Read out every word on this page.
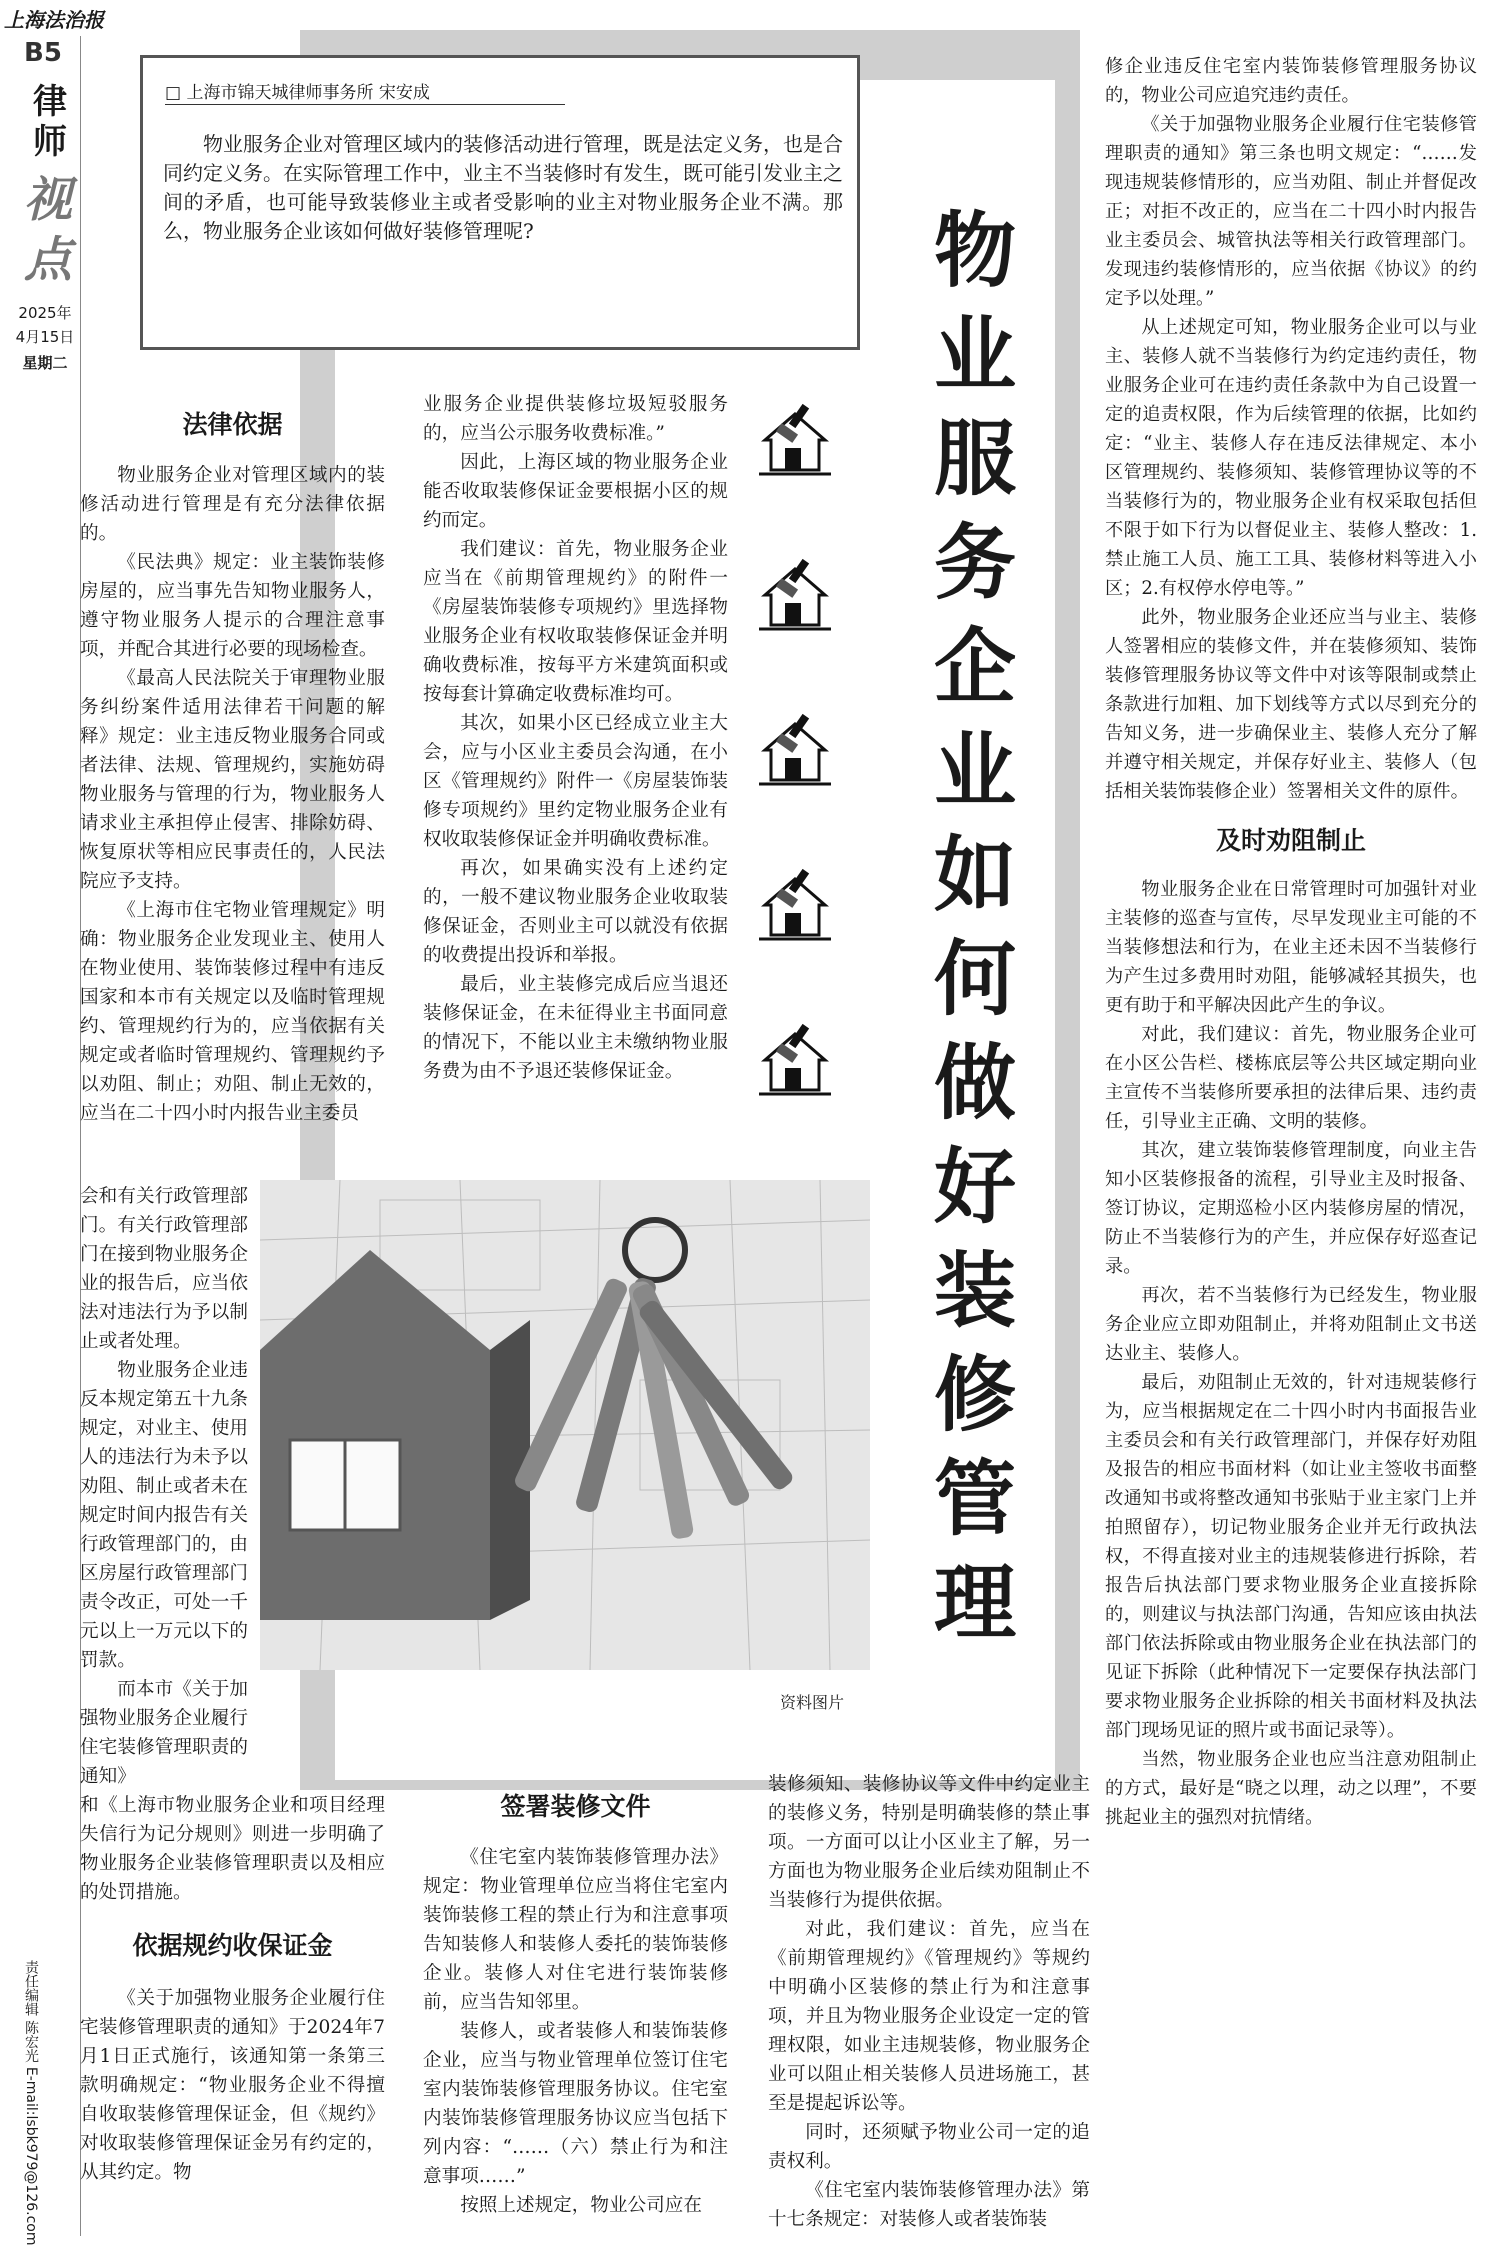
上海法治报
B5
律师
视点
2025年
4月15日
星期二
责任编辑 陈宏光 E-mail:lsbk979@126.com
□ 上海市锦天城律师事务所 宋安成

物业服务企业对管理区域内的装修活动进行管理，既是法定义务，也是合同约定义务。在实际管理工作中，业主不当装修时有发生，既可能引发业主之间的矛盾，也可能导致装修业主或者受影响的业主对物业服务企业不满。那么，物业服务企业该如何做好装修管理呢?	物业服务企业如何做好装修管理
法律依据

物业服务企业对管理区域内的装修活动进行管理是有充分法律依据的。

《民法典》规定：业主装饰装修房屋的，应当事先告知物业服务人，遵守物业服务人提示的合理注意事项，并配合其进行必要的现场检查。

《最高人民法院关于审理物业服务纠纷案件适用法律若干问题的解释》规定：业主违反物业服务合同或者法律、法规、管理规约，实施妨碍物业服务与管理的行为，物业服务人请求业主承担停止侵害、排除妨碍、恢复原状等相应民事责任的，人民法院应予支持。

《上海市住宅物业管理规定》明确：物业服务企业发现业主、使用人在物业使用、装饰装修过程中有违反国家和本市有关规定以及临时管理规约、管理规约行为的，应当依据有关规定或者临时管理规约、管理规约予以劝阻、制止；劝阻、制止无效的，应当在二十四小时内报告业主委员

会和有关行政管理部门。有关行政管理部门在接到物业服务企业的报告后，应当依法对违法行为予以制止或者处理。

物业服务企业违反本规定第五十九条规定，对业主、使用人的违法行为未予以劝阻、制止或者未在规定时间内报告有关行政管理部门的，由区房屋行政管理部门责令改正，可处一千元以上一万元以下的罚款。

而本市《关于加强物业服务企业履行住宅装修管理职责的通知》

和《上海市物业服务企业和项目经理失信行为记分规则》则进一步明确了物业服务企业装修管理职责以及相应的处罚措施。

依据规约收保证金

《关于加强物业服务企业履行住宅装修管理职责的通知》于2024年7月1日正式施行，该通知第一条第三款明确规定：“物业服务企业不得擅自收取装修管理保证金，但《规约》对收取装修管理保证金另有约定的，从其约定。物

业服务企业提供装修垃圾短驳服务的，应当公示服务收费标准。”

因此，上海区域的物业服务企业能否收取装修保证金要根据小区的规约而定。

我们建议：首先，物业服务企业应当在《前期管理规约》的附件一《房屋装饰装修专项规约》里选择物业服务企业有权收取装修保证金并明确收费标准，按每平方米建筑面积或按每套计算确定收费标准均可。

其次，如果小区已经成立业主大会，应与小区业主委员会沟通，在小区《管理规约》附件一《房屋装饰装修专项规约》里约定物业服务企业有权收取装修保证金并明确收费标准。

再次，如果确实没有上述约定的，一般不建议物业服务企业收取装修保证金，否则业主可以就没有依据的收费提出投诉和举报。

最后，业主装修完成后应当退还装修保证金，在未征得业主书面同意的情况下，不能以业主未缴纳物业服务费为由不予退还装修保证金。

签署装修文件

《住宅室内装饰装修管理办法》规定：物业管理单位应当将住宅室内装饰装修工程的禁止行为和注意事项告知装修人和装修人委托的装饰装修企业。装修人对住宅进行装饰装修前，应当告知邻里。

装修人，或者装修人和装饰装修企业，应当与物业管理单位签订住宅室内装饰装修管理服务协议。住宅室内装饰装修管理服务协议应当包括下列内容：“……（六）禁止行为和注意事项……”

按照上述规定，物业公司应在

资料图片

装修须知、装修协议等文件中约定业主的装修义务，特别是明确装修的禁止事项。一方面可以让小区业主了解，另一方面也为物业服务企业后续劝阻制止不当装修行为提供依据。

对此，我们建议：首先，应当在《前期管理规约》《管理规约》等规约中明确小区装修的禁止行为和注意事项，并且为物业服务企业设定一定的管理权限，如业主违规装修，物业服务企业可以阻止相关装修人员进场施工，甚至是提起诉讼等。

同时，还须赋予物业公司一定的追责权利。

《住宅室内装饰装修管理办法》第十七条规定：对装修人或者装饰装

修企业违反住宅室内装饰装修管理服务协议的，物业公司应追究违约责任。

《关于加强物业服务企业履行住宅装修管理职责的通知》第三条也明文规定：“……发现违规装修情形的，应当劝阻、制止并督促改正；对拒不改正的，应当在二十四小时内报告业主委员会、城管执法等相关行政管理部门。发现违约装修情形的，应当依据《协议》的约定予以处理。”

从上述规定可知，物业服务企业可以与业主、装修人就不当装修行为约定违约责任，物业服务企业可在违约责任条款中为自己设置一定的追责权限，作为后续管理的依据，比如约定：“业主、装修人存在违反法律规定、本小区管理规约、装修须知、装修管理协议等的不当装修行为的，物业服务企业有权采取包括但不限于如下行为以督促业主、装修人整改：1.禁止施工人员、施工工具、装修材料等进入小区；2.有权停水停电等。”

此外，物业服务企业还应当与业主、装修人签署相应的装修文件，并在装修须知、装饰装修管理服务协议等文件中对该等限制或禁止条款进行加粗、加下划线等方式以尽到充分的告知义务，进一步确保业主、装修人充分了解并遵守相关规定，并保存好业主、装修人（包括相关装饰装修企业）签署相关文件的原件。

及时劝阻制止

物业服务企业在日常管理时可加强针对业主装修的巡查与宣传，尽早发现业主可能的不当装修想法和行为，在业主还未因不当装修行为产生过多费用时劝阻，能够减轻其损失，也更有助于和平解决因此产生的争议。

对此，我们建议：首先，物业服务企业可在小区公告栏、楼栋底层等公共区域定期向业主宣传不当装修所要承担的法律后果、违约责任，引导业主正确、文明的装修。

其次，建立装饰装修管理制度，向业主告知小区装修报备的流程，引导业主及时报备、签订协议，定期巡检小区内装修房屋的情况，防止不当装修行为的产生，并应保存好巡查记录。

再次，若不当装修行为已经发生，物业服务企业应立即劝阻制止，并将劝阻制止文书送达业主、装修人。

最后，劝阻制止无效的，针对违规装修行为，应当根据规定在二十四小时内书面报告业主委员会和有关行政管理部门，并保存好劝阻及报告的相应书面材料（如让业主签收书面整改通知书或将整改通知书张贴于业主家门上并拍照留存），切记物业服务企业并无行政执法权，不得直接对业主的违规装修进行拆除，若报告后执法部门要求物业服务企业直接拆除的，则建议与执法部门沟通，告知应该由执法部门依法拆除或由物业服务企业在执法部门的见证下拆除（此种情况下一定要保存执法部门要求物业服务企业拆除的相关书面材料及执法部门现场见证的照片或书面记录等）。

当然，物业服务企业也应当注意劝阻制止的方式，最好是“晓之以理，动之以理”，不要挑起业主的强烈对抗情绪。
